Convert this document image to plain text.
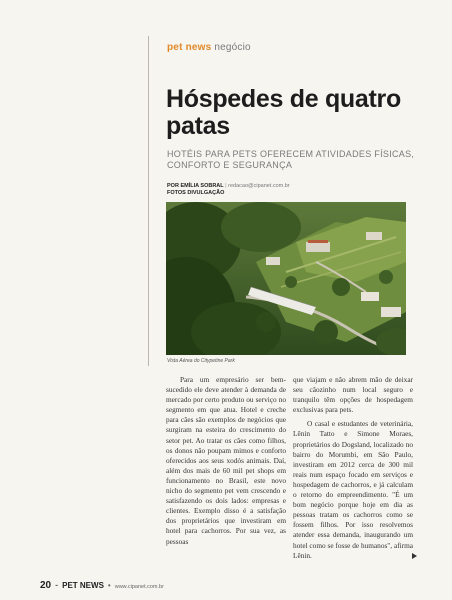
pet news negócio
Hóspedes de quatro patas
HOTÉIS PARA PETS OFERECEM ATIVIDADES FÍSICAS, CONFORTO E SEGURANÇA
POR EMÍLIA SOBRAL | redacao@cipanet.com.br
FOTOS DIVULGAÇÃO
Vista Aérea do Citypetine Park

Para um empresário ser bem-sucedido ele deve atender à demanda de mercado por certo produto ou serviço no segmento em que atua. Hotel e creche para cães são exemplos de negócios que surgiram na esteira do crescimento do setor pet. Ao tratar os cães como filhos, os donos não poupam mimos e conforto oferecidos aos seus xodós animais. Daí, além dos mais de 60 mil pet shops em funcionamento no Brasil, este novo nicho do segmento pet vem crescendo e satisfazendo os dois lados: empresas e clientes. Exemplo disso é a satisfação dos proprietários que investiram em hotel para cachorros. Por sua vez, as pessoas

que viajam e não abrem mão de deixar seu cãozinho num local seguro e tranquilo têm opções de hospedagem exclusivas para pets.

O casal e estudantes de veterinária, Lênin Tatto e Simone Moraes, proprietários do Dogsland, localizado no bairro do Morumbi, em São Paulo, investiram em 2012 cerca de 300 mil reais num espaço focado em serviços e hospedagem de cachorros, e já calculam o retorno do empreendimento. "É um bom negócio porque hoje em dia as pessoas tratam os cachorros como se fossem filhos. Por isso resolvemos atender essa demanda, inaugurando um hotel como se fosse de humanos", afirma Lênin.

20 - PET NEWS • www.cipanet.com.br
